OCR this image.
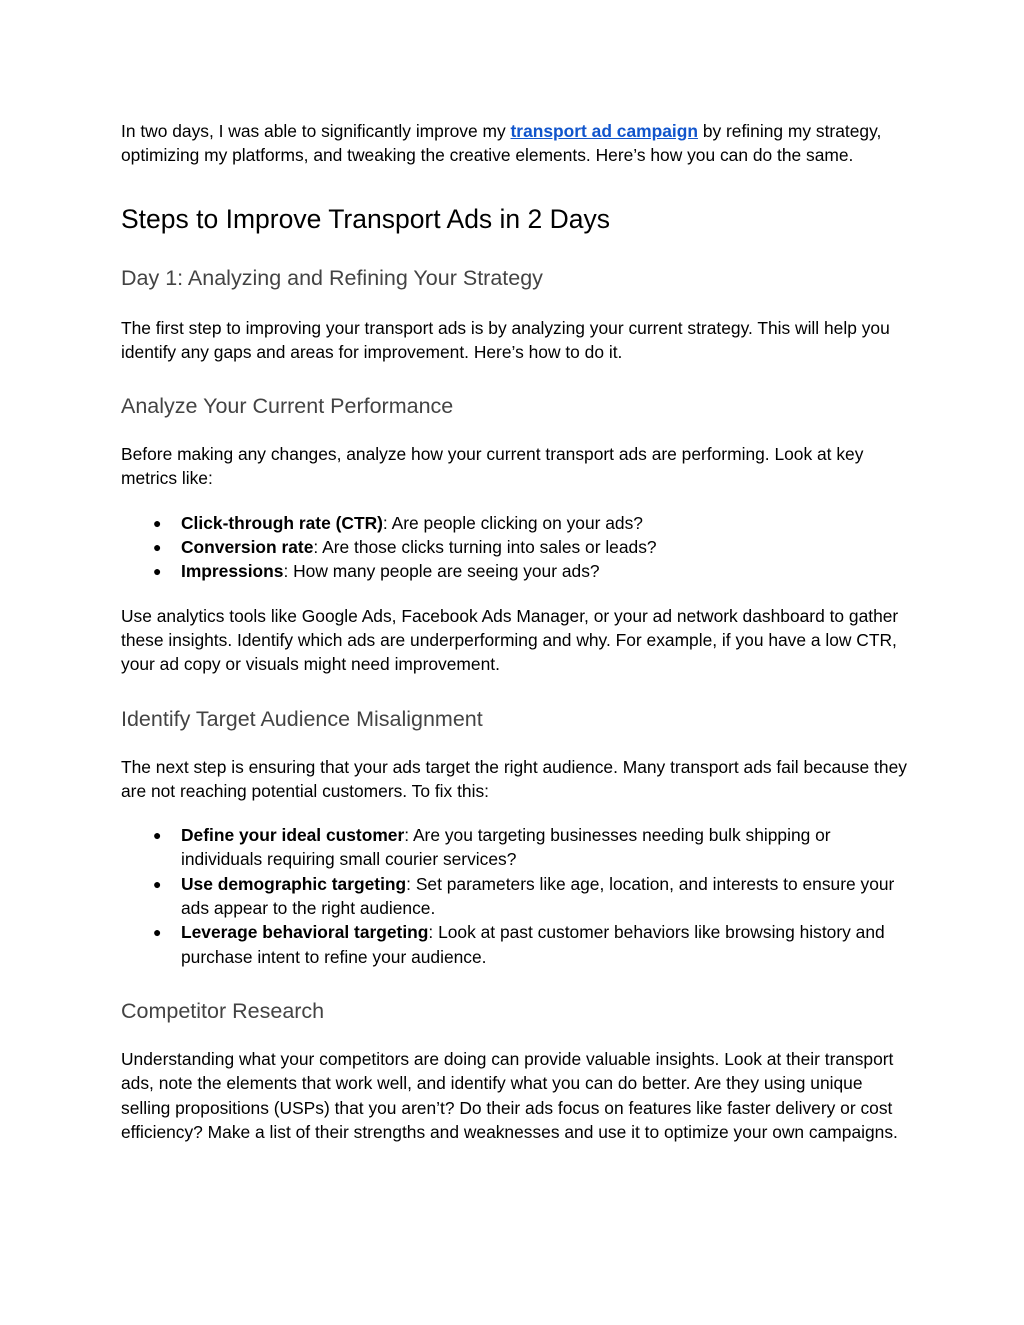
In two days, I was able to significantly improve my transport ad campaign by refining my strategy, optimizing my platforms, and tweaking the creative elements. Here’s how you can do the same.

Steps to Improve Transport Ads in 2 Days
Day 1: Analyzing and Refining Your Strategy

The first step to improving your transport ads is by analyzing your current strategy. This will help you identify any gaps and areas for improvement. Here’s how to do it.

Analyze Your Current Performance

Before making any changes, analyze how your current transport ads are performing. Look at key metrics like:

● Click-through rate (CTR): Are people clicking on your ads?
● Conversion rate: Are those clicks turning into sales or leads?
● Impressions: How many people are seeing your ads?

Use analytics tools like Google Ads, Facebook Ads Manager, or your ad network dashboard to gather these insights. Identify which ads are underperforming and why. For example, if you have a low CTR, your ad copy or visuals might need improvement.

Identify Target Audience Misalignment

The next step is ensuring that your ads target the right audience. Many transport ads fail because they are not reaching potential customers. To fix this:

● Define your ideal customer: Are you targeting businesses needing bulk shipping or individuals requiring small courier services?
● Use demographic targeting: Set parameters like age, location, and interests to ensure your ads appear to the right audience.
● Leverage behavioral targeting: Look at past customer behaviors like browsing history and purchase intent to refine your audience.
Competitor Research

Understanding what your competitors are doing can provide valuable insights. Look at their transport ads, note the elements that work well, and identify what you can do better. Are they using unique selling propositions (USPs) that you aren’t? Do their ads focus on features like faster delivery or cost efficiency? Make a list of their strengths and weaknesses and use it to optimize your own campaigns.
